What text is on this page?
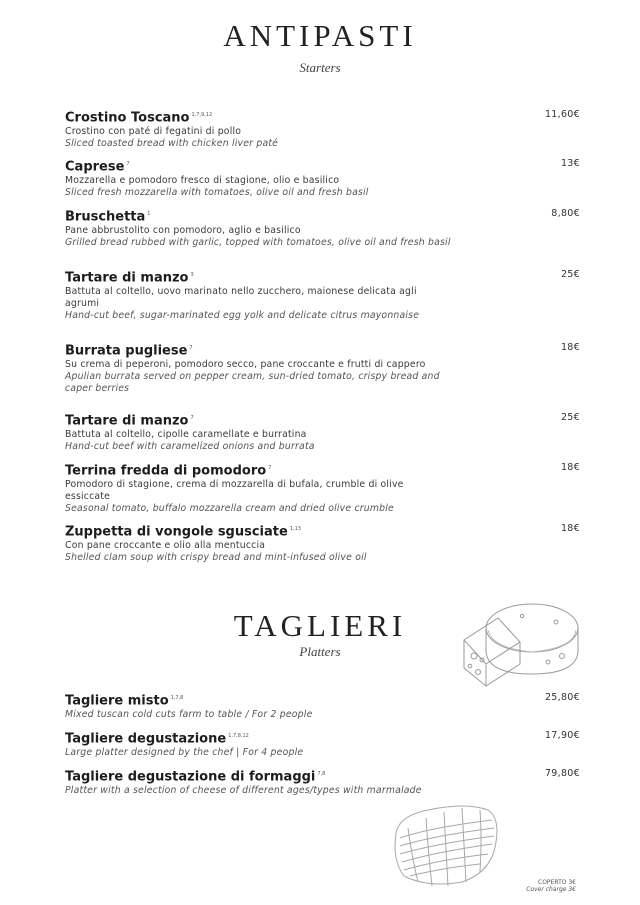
ANTIPASTI
Starters
Crostino Toscano $^{1,7,9,12}$
Crostino con paté di fegatini di pollo
Sliced toasted bread with chicken liver paté
11,60€
Caprese $^7$
Mozzarella e pomodoro fresco di stagione, olio e basilico
Sliced fresh mozzarella with tomatoes, olive oil and fresh basil
13€
Bruschetta $^1$
Pane abbrustolito con pomodoro, aglio e basilico
Grilled bread rubbed with garlic, topped with tomatoes, olive oil and fresh basil
8,80€
Tartare di manzo $^3$
Battuta al coltello, uovo marinato nello zucchero, maionese delicata agli agrumi
Hand-cut beef, sugar-marinated egg yolk and delicate citrus mayonnaise
25€
Burrata pugliese $^7$
Su crema di peperoni, pomodoro secco, pane croccante e frutti di cappero
Apulian burrata served on pepper cream, sun-dried tomato, crispy bread and caper berries
18€
Tartare di manzo $^7$
Battuta al coltello, cipolle caramellate e burratina
Hand-cut beef with caramelized onions and burrata
25€
Terrina fredda di pomodoro $^7$
Pomodoro di stagione, crema di mozzarella di bufala, crumble di olive essiccate
Seasonal tomato, buffalo mozzarella cream and dried olive crumble
18€
Zuppetta di vongole sgusciate $^{1,13}$
Con pane croccante e olio alla mentuccia
Shelled clam soup with crispy bread and mint-infused olive oil
18€
TAGLIERI
Platters
Tagliere misto $^{1,7,8}$
Mixed tuscan cold cuts farm to table / For 2 people
25,80€
Tagliere degustazione $^{1,7,8,12}$
Large platter designed by the chef | For 4 people
17,90€
Tagliere degustazione di formaggi $^{7,8}$
Platter with a selection of cheese of different ages/types with marmalade
79,80€
COPERTO 3€
Cover charge 3€
